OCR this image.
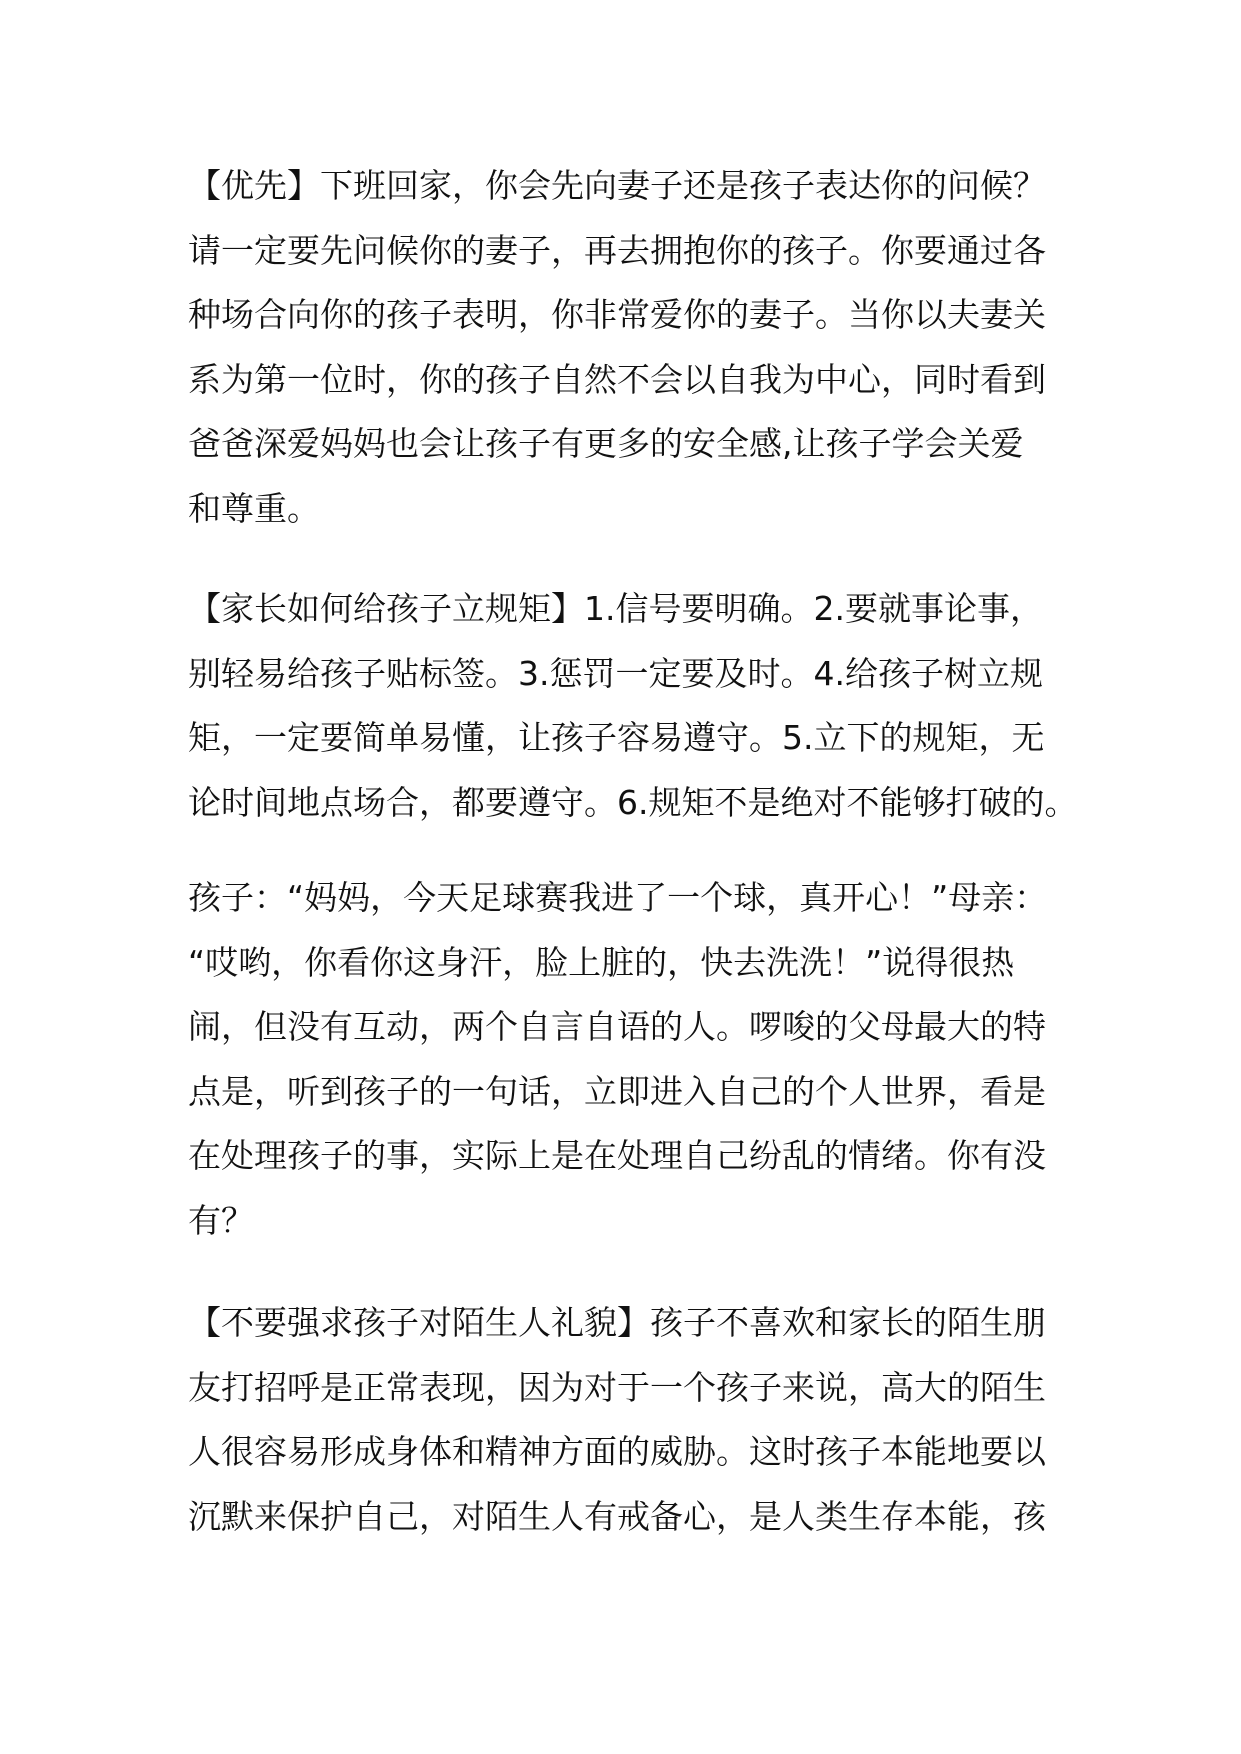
【优先】下班回家，你会先向妻子还是孩子表达你的问候？
请一定要先问候你的妻子，再去拥抱你的孩子。你要通过各
种场合向你的孩子表明，你非常爱你的妻子。当你以夫妻关
系为第一位时，你的孩子自然不会以自我为中心，同时看到
爸爸深爱妈妈也会让孩子有更多的安全感,让孩子学会关爱
和尊重。

【家长如何给孩子立规矩】1.信号要明确。2.要就事论事，
别轻易给孩子贴标签。3.惩罚一定要及时。4.给孩子树立规
矩，一定要简单易懂，让孩子容易遵守。5.立下的规矩，无
论时间地点场合，都要遵守。6.规矩不是绝对不能够打破的。

孩子：“妈妈，今天足球赛我进了一个球，真开心！”母亲：
“哎哟，你看你这身汗，脸上脏的，快去洗洗！”说得很热
闹，但没有互动，两个自言自语的人。啰唆的父母最大的特
点是，听到孩子的一句话，立即进入自己的个人世界，看是
在处理孩子的事，实际上是在处理自己纷乱的情绪。你有没
有？

【不要强求孩子对陌生人礼貌】孩子不喜欢和家长的陌生朋
友打招呼是正常表现，因为对于一个孩子来说，高大的陌生
人很容易形成身体和精神方面的威胁。这时孩子本能地要以
沉默来保护自己，对陌生人有戒备心，是人类生存本能，孩
